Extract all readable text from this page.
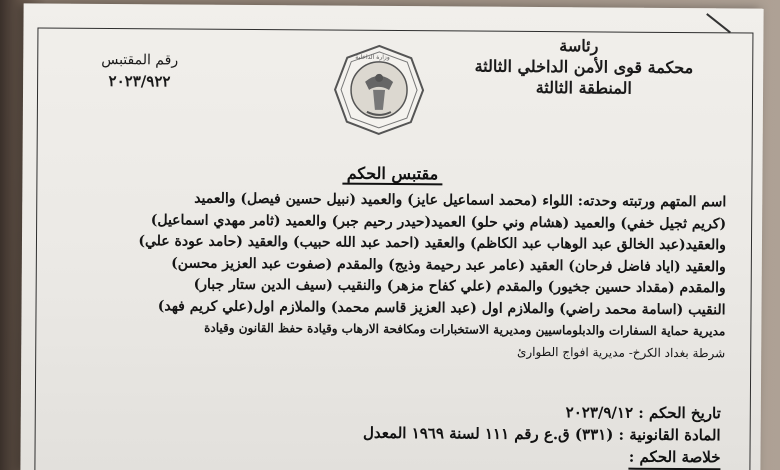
رئاسة
محكمة قوى الأمن الداخلي الثالثة
المنطقة الثالثة
رقم المقتبس
٢٠٢٣/٩٢٢
وزارة الداخلية
مقتبس الحكم

اسم المتهم ورتبته وحدته: اللواء (محمد اسماعيل عايز) والعميد (نبيل حسين فيصل) والعميد

(كريم ثجيل خفي) والعميد (هشام وني حلو) العميد(حيدر رحيم جبر) والعميد (ثامر مهدي اسماعيل)

والعقيد(عبد الخالق عبد الوهاب عبد الكاظم) والعقيد (احمد عبد الله حبيب) والعقيد (حامد عودة علي)

والعقيد (اياد فاضل فرحان) العقيد (عامر عبد رحيمة وذيج) والمقدم (صفوت عبد العزيز محسن)

والمقدم (مقداد حسين جخيور) والمقدم (علي كفاح مزهر) والنقيب (سيف الدين ستار جبار)

النقيب (اسامة محمد راضي) والملازم اول (عبد العزيز قاسم محمد) والملازم اول(علي كريم فهد)

مديرية حماية السفارات والدبلوماسيين ومديرية الاستخبارات ومكافحة الارهاب وقيادة حفظ القانون وقيادة

شرطة بغداد الكرخ- مديرية افواج الطوارئ

تاريخ الحكم : ٢٠٢٣/٩/١٢
المادة القانونية : (٣٣١) ق.ع رقم ١١١ لسنة ١٩٦٩ المعدل
خلاصة الحكم :
